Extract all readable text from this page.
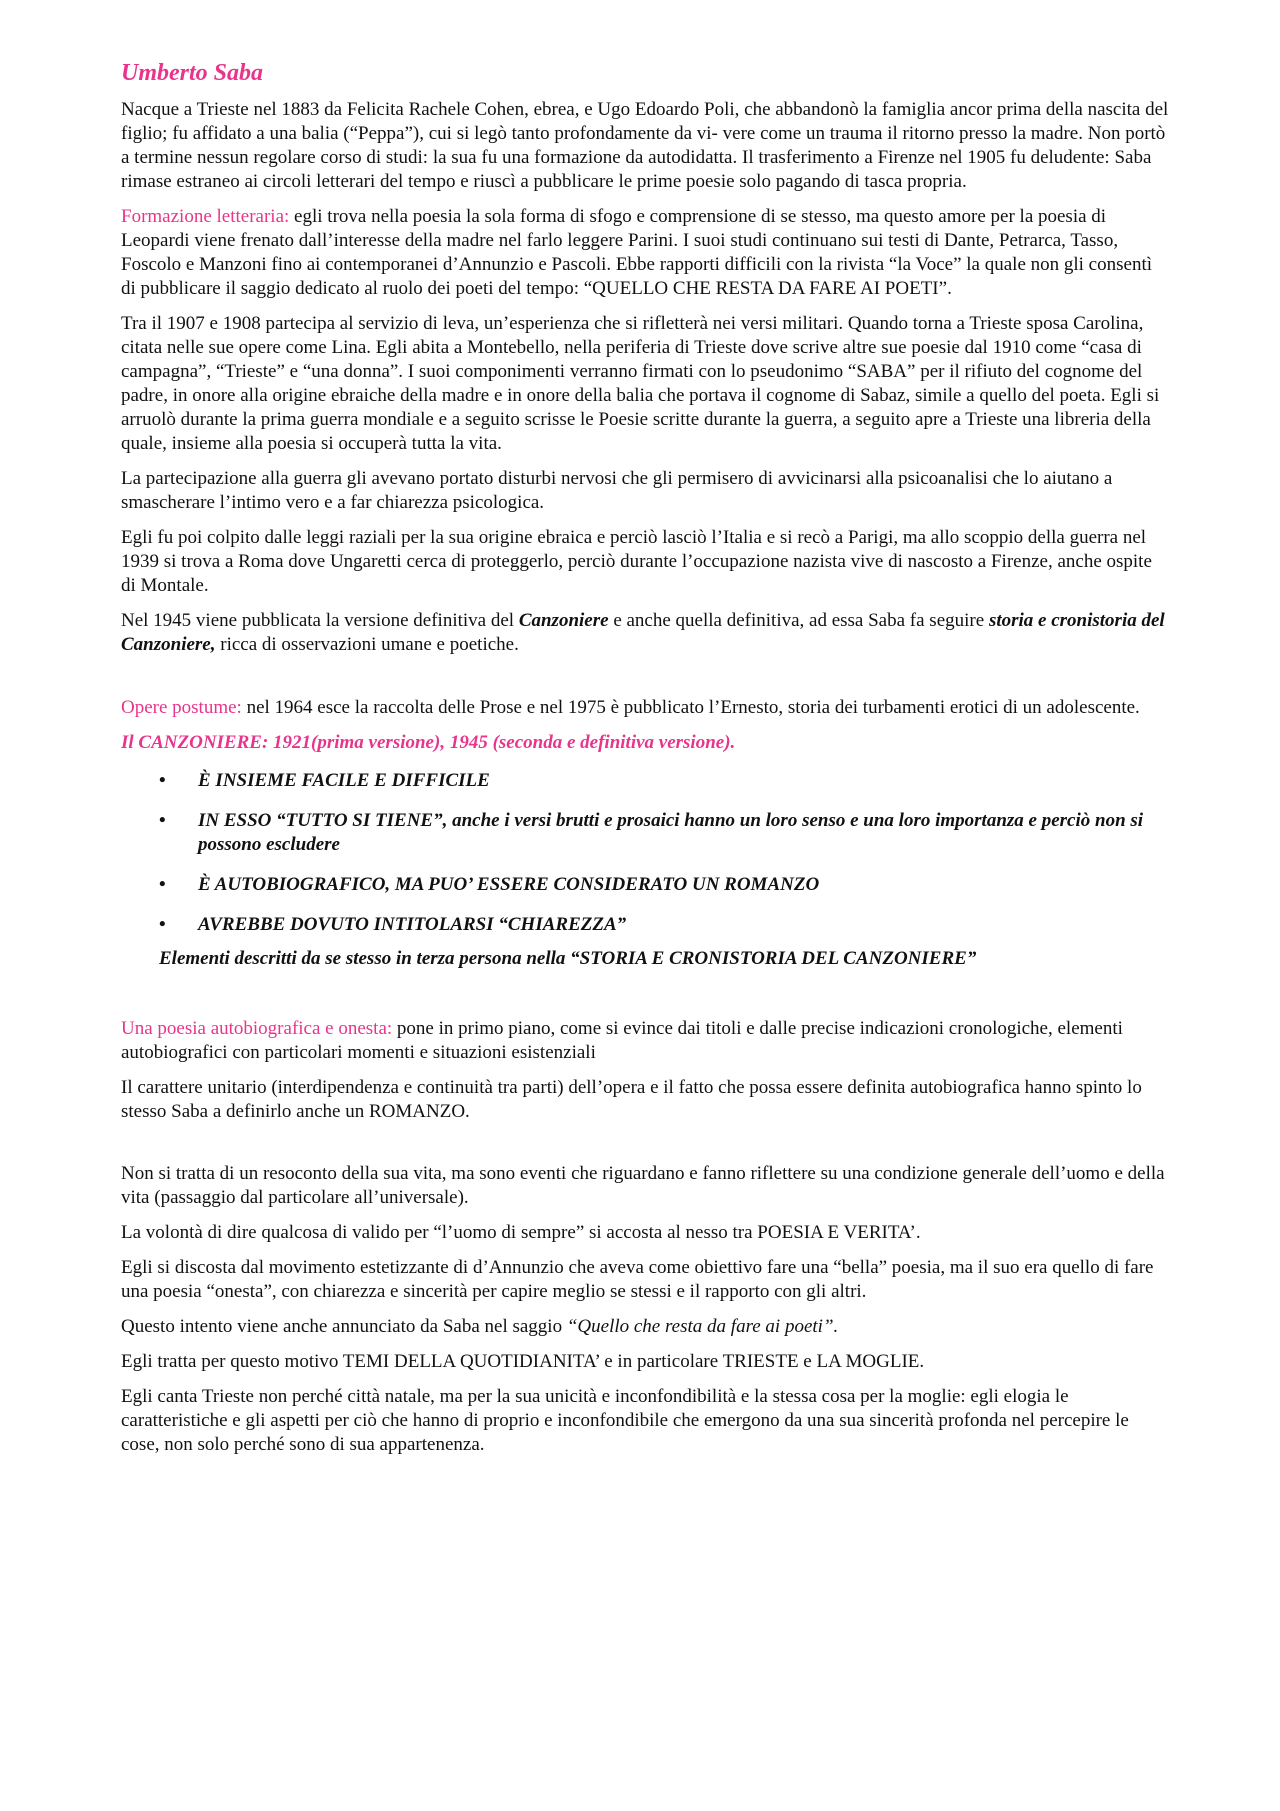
Umberto Saba

Nacque a Trieste nel 1883 da Felicita Rachele Cohen, ebrea, e Ugo Edoardo Poli, che abbandonò la famiglia ancor prima della nascita del figlio; fu affidato a una balia (“Peppa”), cui si legò tanto profondamente da vi- vere come un trauma il ritorno presso la madre. Non portò a termine nessun regolare corso di studi: la sua fu una formazione da autodidatta. Il trasferimento a Firenze nel 1905 fu deludente: Saba rimase estraneo ai circoli letterari del tempo e riuscì a pubblicare le prime poesie solo pagando di tasca propria.

Formazione letteraria: egli trova nella poesia la sola forma di sfogo e comprensione di se stesso, ma questo amore per la poesia di Leopardi viene frenato dall’interesse della madre nel farlo leggere Parini. I suoi studi continuano sui testi di Dante, Petrarca, Tasso, Foscolo e Manzoni fino ai contemporanei d’Annunzio e Pascoli. Ebbe rapporti difficili con la rivista “la Voce” la quale non gli consentì di pubblicare il saggio dedicato al ruolo dei poeti del tempo: “QUELLO CHE RESTA DA FARE AI POETI”.

Tra il 1907 e 1908 partecipa al servizio di leva, un’esperienza che si rifletterà nei versi militari. Quando torna a Trieste sposa Carolina, citata nelle sue opere come Lina. Egli abita a Montebello, nella periferia di Trieste dove scrive altre sue poesie dal 1910 come “casa di campagna”, “Trieste” e “una donna”. I suoi componimenti verranno firmati con lo pseudonimo “SABA” per il rifiuto del cognome del padre, in onore alla origine ebraiche della madre e in onore della balia che portava il cognome di Sabaz, simile a quello del poeta. Egli si arruolò durante la prima guerra mondiale e a seguito scrisse le Poesie scritte durante la guerra, a seguito apre a Trieste una libreria della quale, insieme alla poesia si occuperà tutta la vita.

La partecipazione alla guerra gli avevano portato disturbi nervosi che gli permisero di avvicinarsi alla psicoanalisi che lo aiutano a smascherare l’intimo vero e a far chiarezza psicologica.

Egli fu poi colpito dalle leggi raziali per la sua origine ebraica e perciò lasciò l’Italia e si recò a Parigi, ma allo scoppio della guerra nel 1939 si trova a Roma dove Ungaretti cerca di proteggerlo, perciò durante l’occupazione nazista vive di nascosto a Firenze, anche ospite di Montale.

Nel 1945 viene pubblicata la versione definitiva del Canzoniere e anche quella definitiva, ad essa Saba fa seguire storia e cronistoria del Canzoniere, ricca di osservazioni umane e poetiche.

Opere postume: nel 1964 esce la raccolta delle Prose e nel 1975 è pubblicato l’Ernesto, storia dei turbamenti erotici di un adolescente.

Il CANZONIERE: 1921(prima versione), 1945 (seconda e definitiva versione).
• È INSIEME FACILE E DIFFICILE
• IN ESSO “TUTTO SI TIENE”, anche i versi brutti e prosaici hanno un loro senso e una loro importanza e perciò non si possono escludere
• È AUTOBIOGRAFICO, MA PUO’ ESSERE CONSIDERATO UN ROMANZO
• AVREBBE DOVUTO INTITOLARSI “CHIAREZZA”

Elementi descritti da se stesso in terza persona nella “STORIA E CRONISTORIA DEL CANZONIERE”

Una poesia autobiografica e onesta: pone in primo piano, come si evince dai titoli e dalle precise indicazioni cronologiche, elementi autobiografici con particolari momenti e situazioni esistenziali

Il carattere unitario (interdipendenza e continuità tra parti) dell’opera e il fatto che possa essere definita autobiografica hanno spinto lo stesso Saba a definirlo anche un ROMANZO.

Non si tratta di un resoconto della sua vita, ma sono eventi che riguardano e fanno riflettere su una condizione generale dell’uomo e della vita (passaggio dal particolare all’universale).

La volontà di dire qualcosa di valido per “l’uomo di sempre” si accosta al nesso tra POESIA E VERITA’.

Egli si discosta dal movimento estetizzante di d’Annunzio che aveva come obiettivo fare una “bella” poesia, ma il suo era quello di fare una poesia “onesta”, con chiarezza e sincerità per capire meglio se stessi e il rapporto con gli altri.

Questo intento viene anche annunciato da Saba nel saggio “Quello che resta da fare ai poeti”.

Egli tratta per questo motivo TEMI DELLA QUOTIDIANITA’ e in particolare TRIESTE e LA MOGLIE.

Egli canta Trieste non perché città natale, ma per la sua unicità e inconfondibilità e la stessa cosa per la moglie: egli elogia le caratteristiche e gli aspetti per ciò che hanno di proprio e inconfondibile che emergono da una sua sincerità profonda nel percepire le cose, non solo perché sono di sua appartenenza.
